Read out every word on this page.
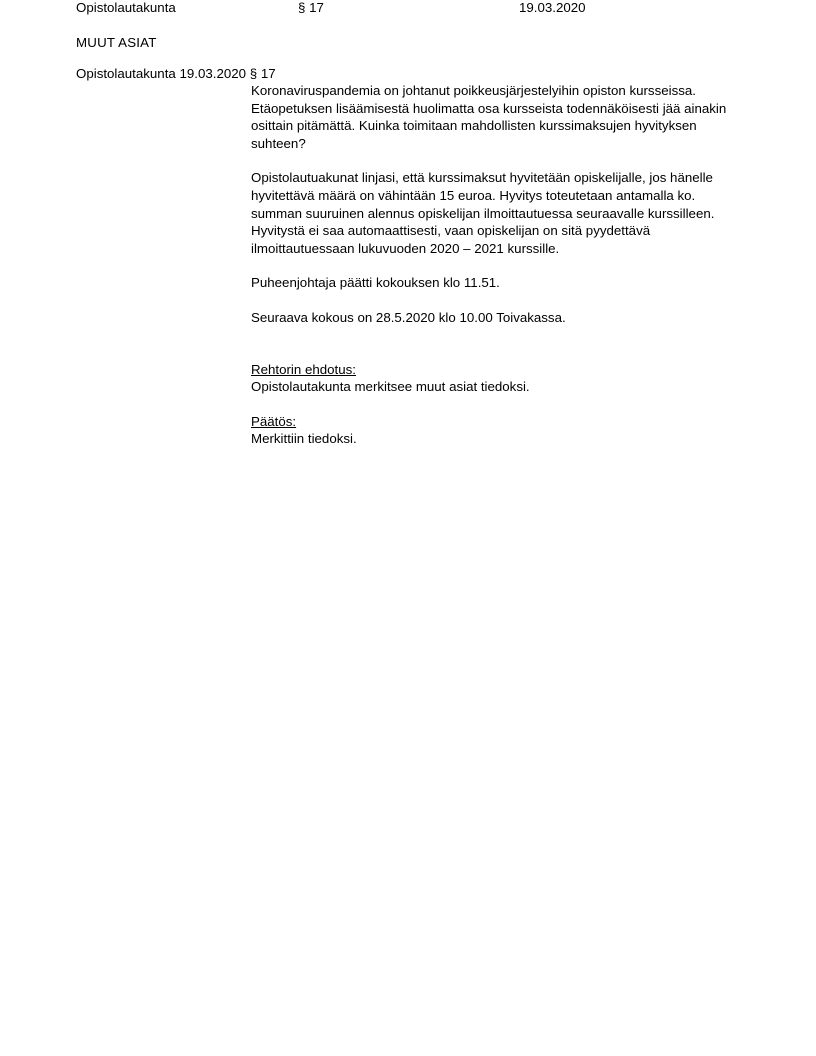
Opistolautakunta	§ 17	19.03.2020
MUUT ASIAT
Opistolautakunta 19.03.2020 § 17

Koronaviruspandemia on johtanut poikkeusjärjestelyihin opiston kursseissa. Etäopetuksen lisäämisestä huolimatta osa kursseista todennäköisesti jää ainakin osittain pitämättä. Kuinka toimitaan mahdollisten kurssimaksujen hyvityksen suhteen?

Opistolautuakunat linjasi, että kurssimaksut hyvitetään opiskelijalle, jos hänelle hyvitettävä määrä on vähintään 15 euroa. Hyvitys toteutetaan antamalla ko. summan suuruinen alennus opiskelijan ilmoittautuessa seuraavalle kurssilleen. Hyvitystä ei saa automaattisesti, vaan opiskelijan on sitä pyydettävä ilmoittautuessaan lukuvuoden 2020 – 2021 kurssille.

Puheenjohtaja päätti kokouksen klo 11.51.

Seuraava kokous on 28.5.2020 klo 10.00 Toivakassa.

Rehtorin ehdotus:

Opistolautakunta merkitsee muut asiat tiedoksi.

Päätös:

Merkittiin tiedoksi.
